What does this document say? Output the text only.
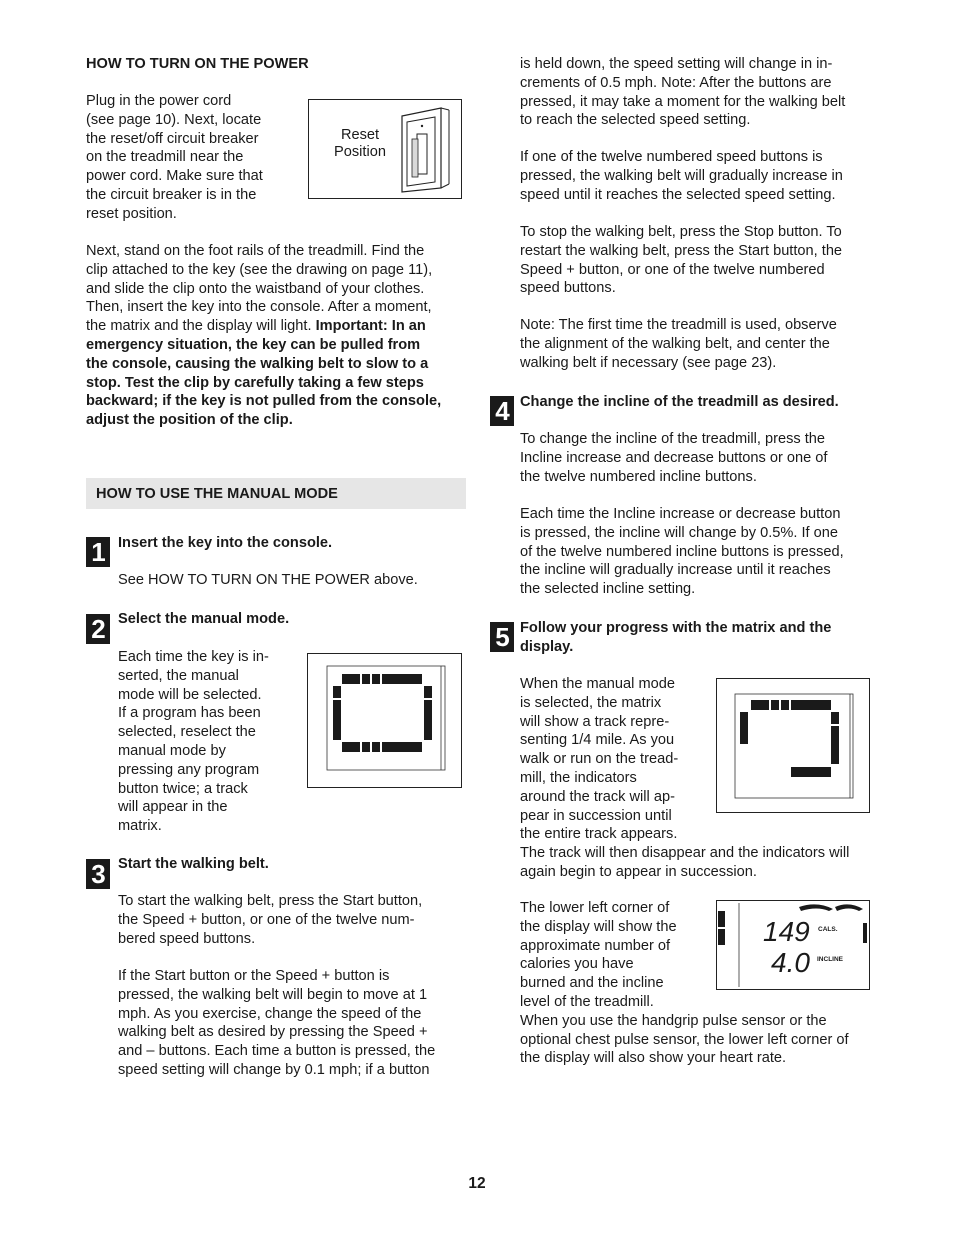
HOW TO TURN ON THE POWER
Plug in the power cord
(see page 10). Next, locate
the reset/off circuit breaker
on the treadmill near the
power cord. Make sure that
the circuit breaker is in the
reset position.
Reset
Position
Next, stand on the foot rails of the treadmill. Find the
clip attached to the key (see the drawing on page 11),
and slide the clip onto the waistband of your clothes.
Then, insert the key into the console. After a moment,
the matrix and the display will light. Important: In an
emergency situation, the key can be pulled from
the console, causing the walking belt to slow to a
stop. Test the clip by carefully taking a few steps
backward; if the key is not pulled from the console,
adjust the position of the clip.
HOW TO USE THE MANUAL MODE
1 Insert the key into the console.
See HOW TO TURN ON THE POWER above.
2 Select the manual mode.
Each time the key is in-
serted, the manual
mode will be selected.
If a program has been
selected, reselect the
manual mode by
pressing any program
button twice; a track
will appear in the
matrix.
3 Start the walking belt.
To start the walking belt, press the Start button,
the Speed + button, or one of the twelve num-
bered speed buttons.
If the Start button or the Speed + button is
pressed, the walking belt will begin to move at 1
mph. As you exercise, change the speed of the
walking belt as desired by pressing the Speed +
and – buttons. Each time a button is pressed, the
speed setting will change by 0.1 mph; if a button
is held down, the speed setting will change in in-
crements of 0.5 mph. Note: After the buttons are
pressed, it may take a moment for the walking belt
to reach the selected speed setting.
If one of the twelve numbered speed buttons is
pressed, the walking belt will gradually increase in
speed until it reaches the selected speed setting.
To stop the walking belt, press the Stop button. To
restart the walking belt, press the Start button, the
Speed + button, or one of the twelve numbered
speed buttons.
Note: The first time the treadmill is used, observe
the alignment of the walking belt, and center the
walking belt if necessary (see page 23).
4 Change the incline of the treadmill as desired.
To change the incline of the treadmill, press the
Incline increase and decrease buttons or one of
the twelve numbered incline buttons.
Each time the Incline increase or decrease button
is pressed, the incline will change by 0.5%. If one
of the twelve numbered incline buttons is pressed,
the incline will gradually increase until it reaches
the selected incline setting.
5 Follow your progress with the matrix and the
display.
When the manual mode
is selected, the matrix
will show a track repre-
senting 1/4 mile. As you
walk or run on the tread-
mill, the indicators
around the track will ap-
pear in succession until
the entire track appears.
The track will then disappear and the indicators will
again begin to appear in succession.
The lower left corner of
the display will show the
approximate number of
calories you have
burned and the incline
level of the treadmill.
When you use the handgrip pulse sensor or the
optional chest pulse sensor, the lower left corner of
the display will also show your heart rate.
149 CALS.
4.0 INCLINE
12
